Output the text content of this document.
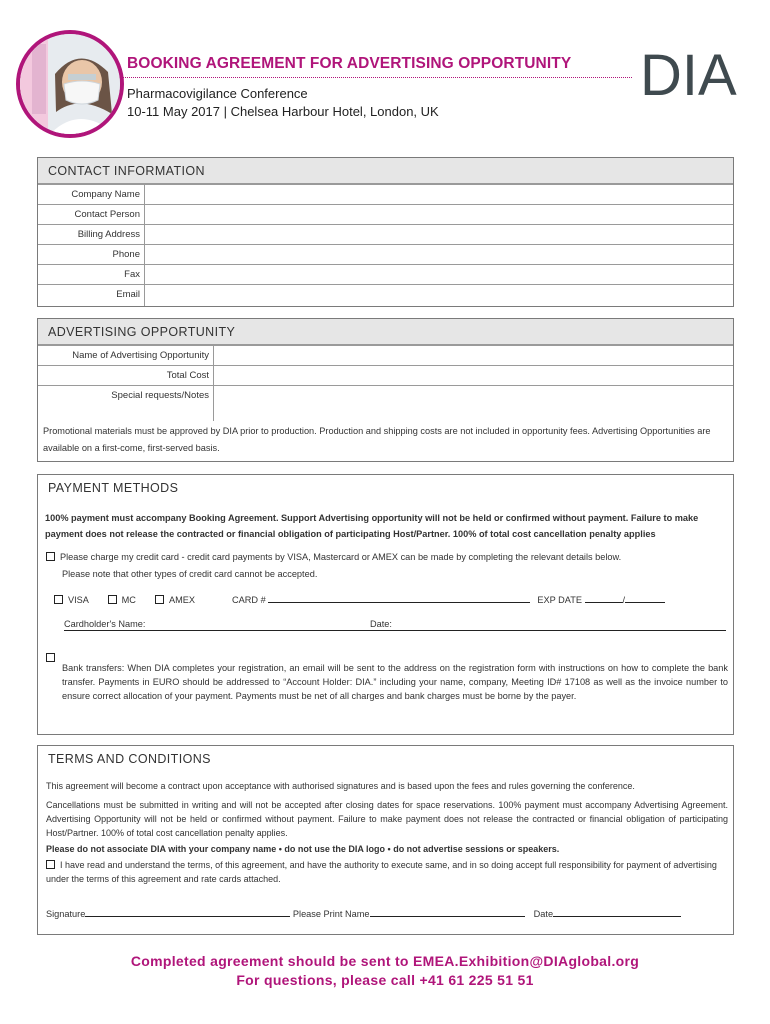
BOOKING AGREEMENT FOR ADVERTISING OPPORTUNITY
Pharmacovigilance Conference
10-11 May 2017 | Chelsea Harbour Hotel, London, UK
DIA
CONTACT INFORMATION
Company Name
Contact Person
Billing Address
Phone
Fax
Email
ADVERTISING OPPORTUNITY
Name of Advertising Opportunity
Total Cost
Special requests/Notes
Promotional materials must be approved by DIA prior to production. Production and shipping costs are not included in opportunity fees. Advertising Opportunities are available on a first-come, first-served basis.
PAYMENT METHODS
100% payment must accompany Booking Agreement. Support Advertising opportunity will not be held or confirmed without payment. Failure to make payment does not release the contracted or financial obligation of participating Host/Partner. 100% of total cost cancellation penalty applies
Please charge my credit card - credit card payments by VISA, Mastercard or AMEX can be made by completing the relevant details below.
Please note that other types of credit card cannot be accepted.
VISA	MC	AMEX	CARD #	EXP DATE	/
Cardholder's Name:	Date:
Bank transfers: When DIA completes your registration, an email will be sent to the address on the registration form with instructions on how to complete the bank transfer. Payments in EURO should be addressed to “Account Holder: DIA.” including your name, company, Meeting ID# 17108 as well as the invoice number to ensure correct allocation of your payment. Payments must be net of all charges and bank charges must be borne by the payer.
TERMS AND CONDITIONS
This agreement will become a contract upon acceptance with authorised signatures and is based upon the fees and rules governing the conference.
Cancellations must be submitted in writing and will not be accepted after closing dates for space reservations. 100% payment must accompany Advertising Agreement. Advertising Opportunity will not be held or confirmed without payment. Failure to make payment does not release the contracted or financial obligation of participating Host/Partner. 100% of total cost cancellation penalty applies.
Please do not associate DIA with your company name • do not use the DIA logo • do not advertise sessions or speakers.
I have read and understand the terms, of this agreement, and have the authority to execute same, and in so doing accept full responsibility for payment of advertising under the terms of this agreement and rate cards attached.
Signature	Please Print Name	Date
Completed agreement should be sent to EMEA.Exhibition@DIAglobal.org
For questions, please call +41 61 225 51 51
